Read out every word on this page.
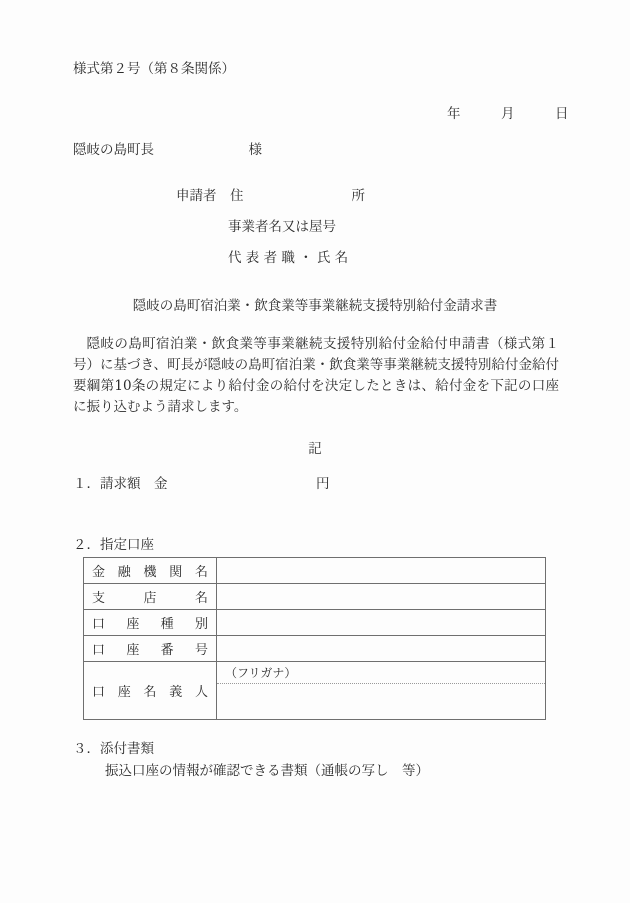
様式第２号（第８条関係）
年　　　月　　　日
隠岐の島町長　　　　　　　様
申請者　住　　　　　　　　所
事業者名又は屋号
代 表 者 職 ・ 氏 名
隠岐の島町宿泊業・飲食業等事業継続支援特別給付金請求書

隠岐の島町宿泊業・飲食業等事業継続支援特別給付金給付申請書（様式第１号）に基づき、町長が隠岐の島町宿泊業・飲食業等事業継続支援特別給付金給付要綱第10条の規定により給付金の給付を決定したときは、給付金を下記の口座に振り込むよう請求します。

記
１．請求額　金　　　　　　　　　　　円
２．指定口座
金融機関名	
支店名	
口座種別	
口座番号	
口座名義人	（フリガナ）
３．添付書類
振込口座の情報が確認できる書類（通帳の写し　等）
